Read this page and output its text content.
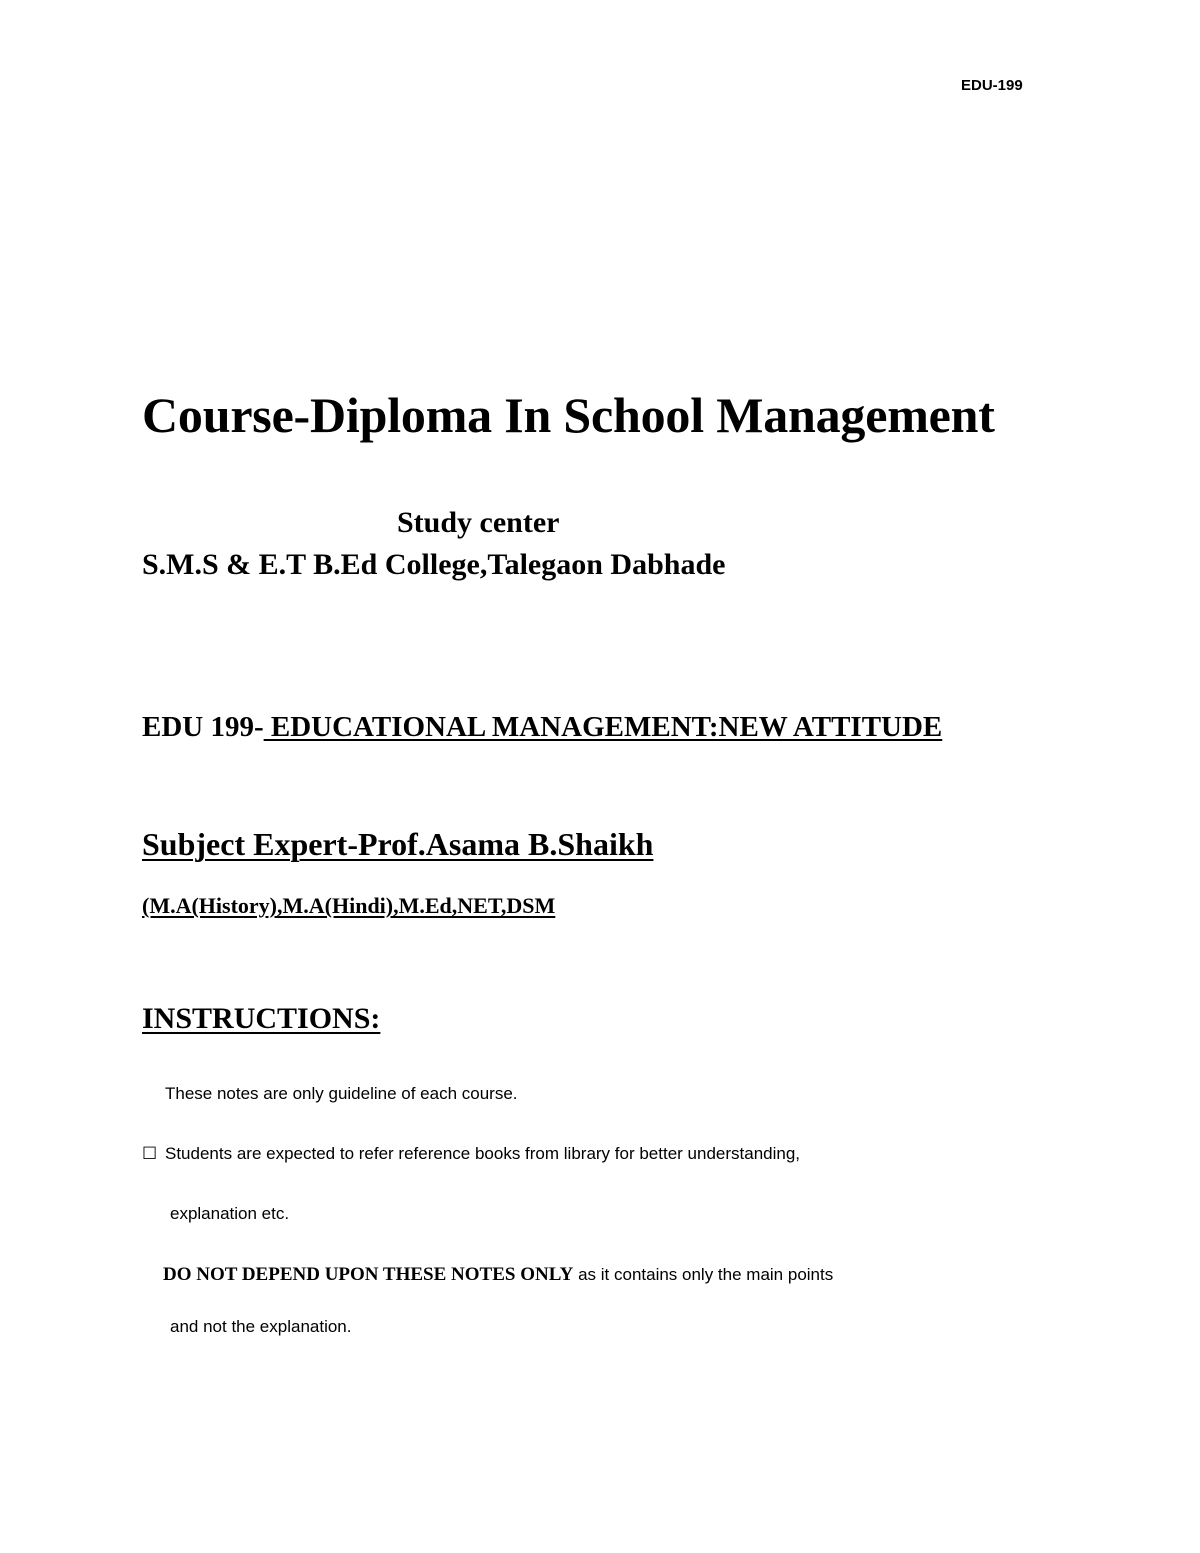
EDU-199
Course-Diploma In School Management
Study center
S.M.S & E.T B.Ed College,Talegaon Dabhade
EDU 199- EDUCATIONAL MANAGEMENT:NEW ATTITUDE
Subject Expert-Prof.Asama B.Shaikh
(M.A(History),M.A(Hindi),M.Ed,NET,DSM
INSTRUCTIONS:
These notes are only guideline of each course.
☐ Students are expected to refer reference books from library for better understanding,
explanation etc.
DO NOT DEPEND UPON THESE NOTES ONLY as it contains only the main points
and not the explanation.
